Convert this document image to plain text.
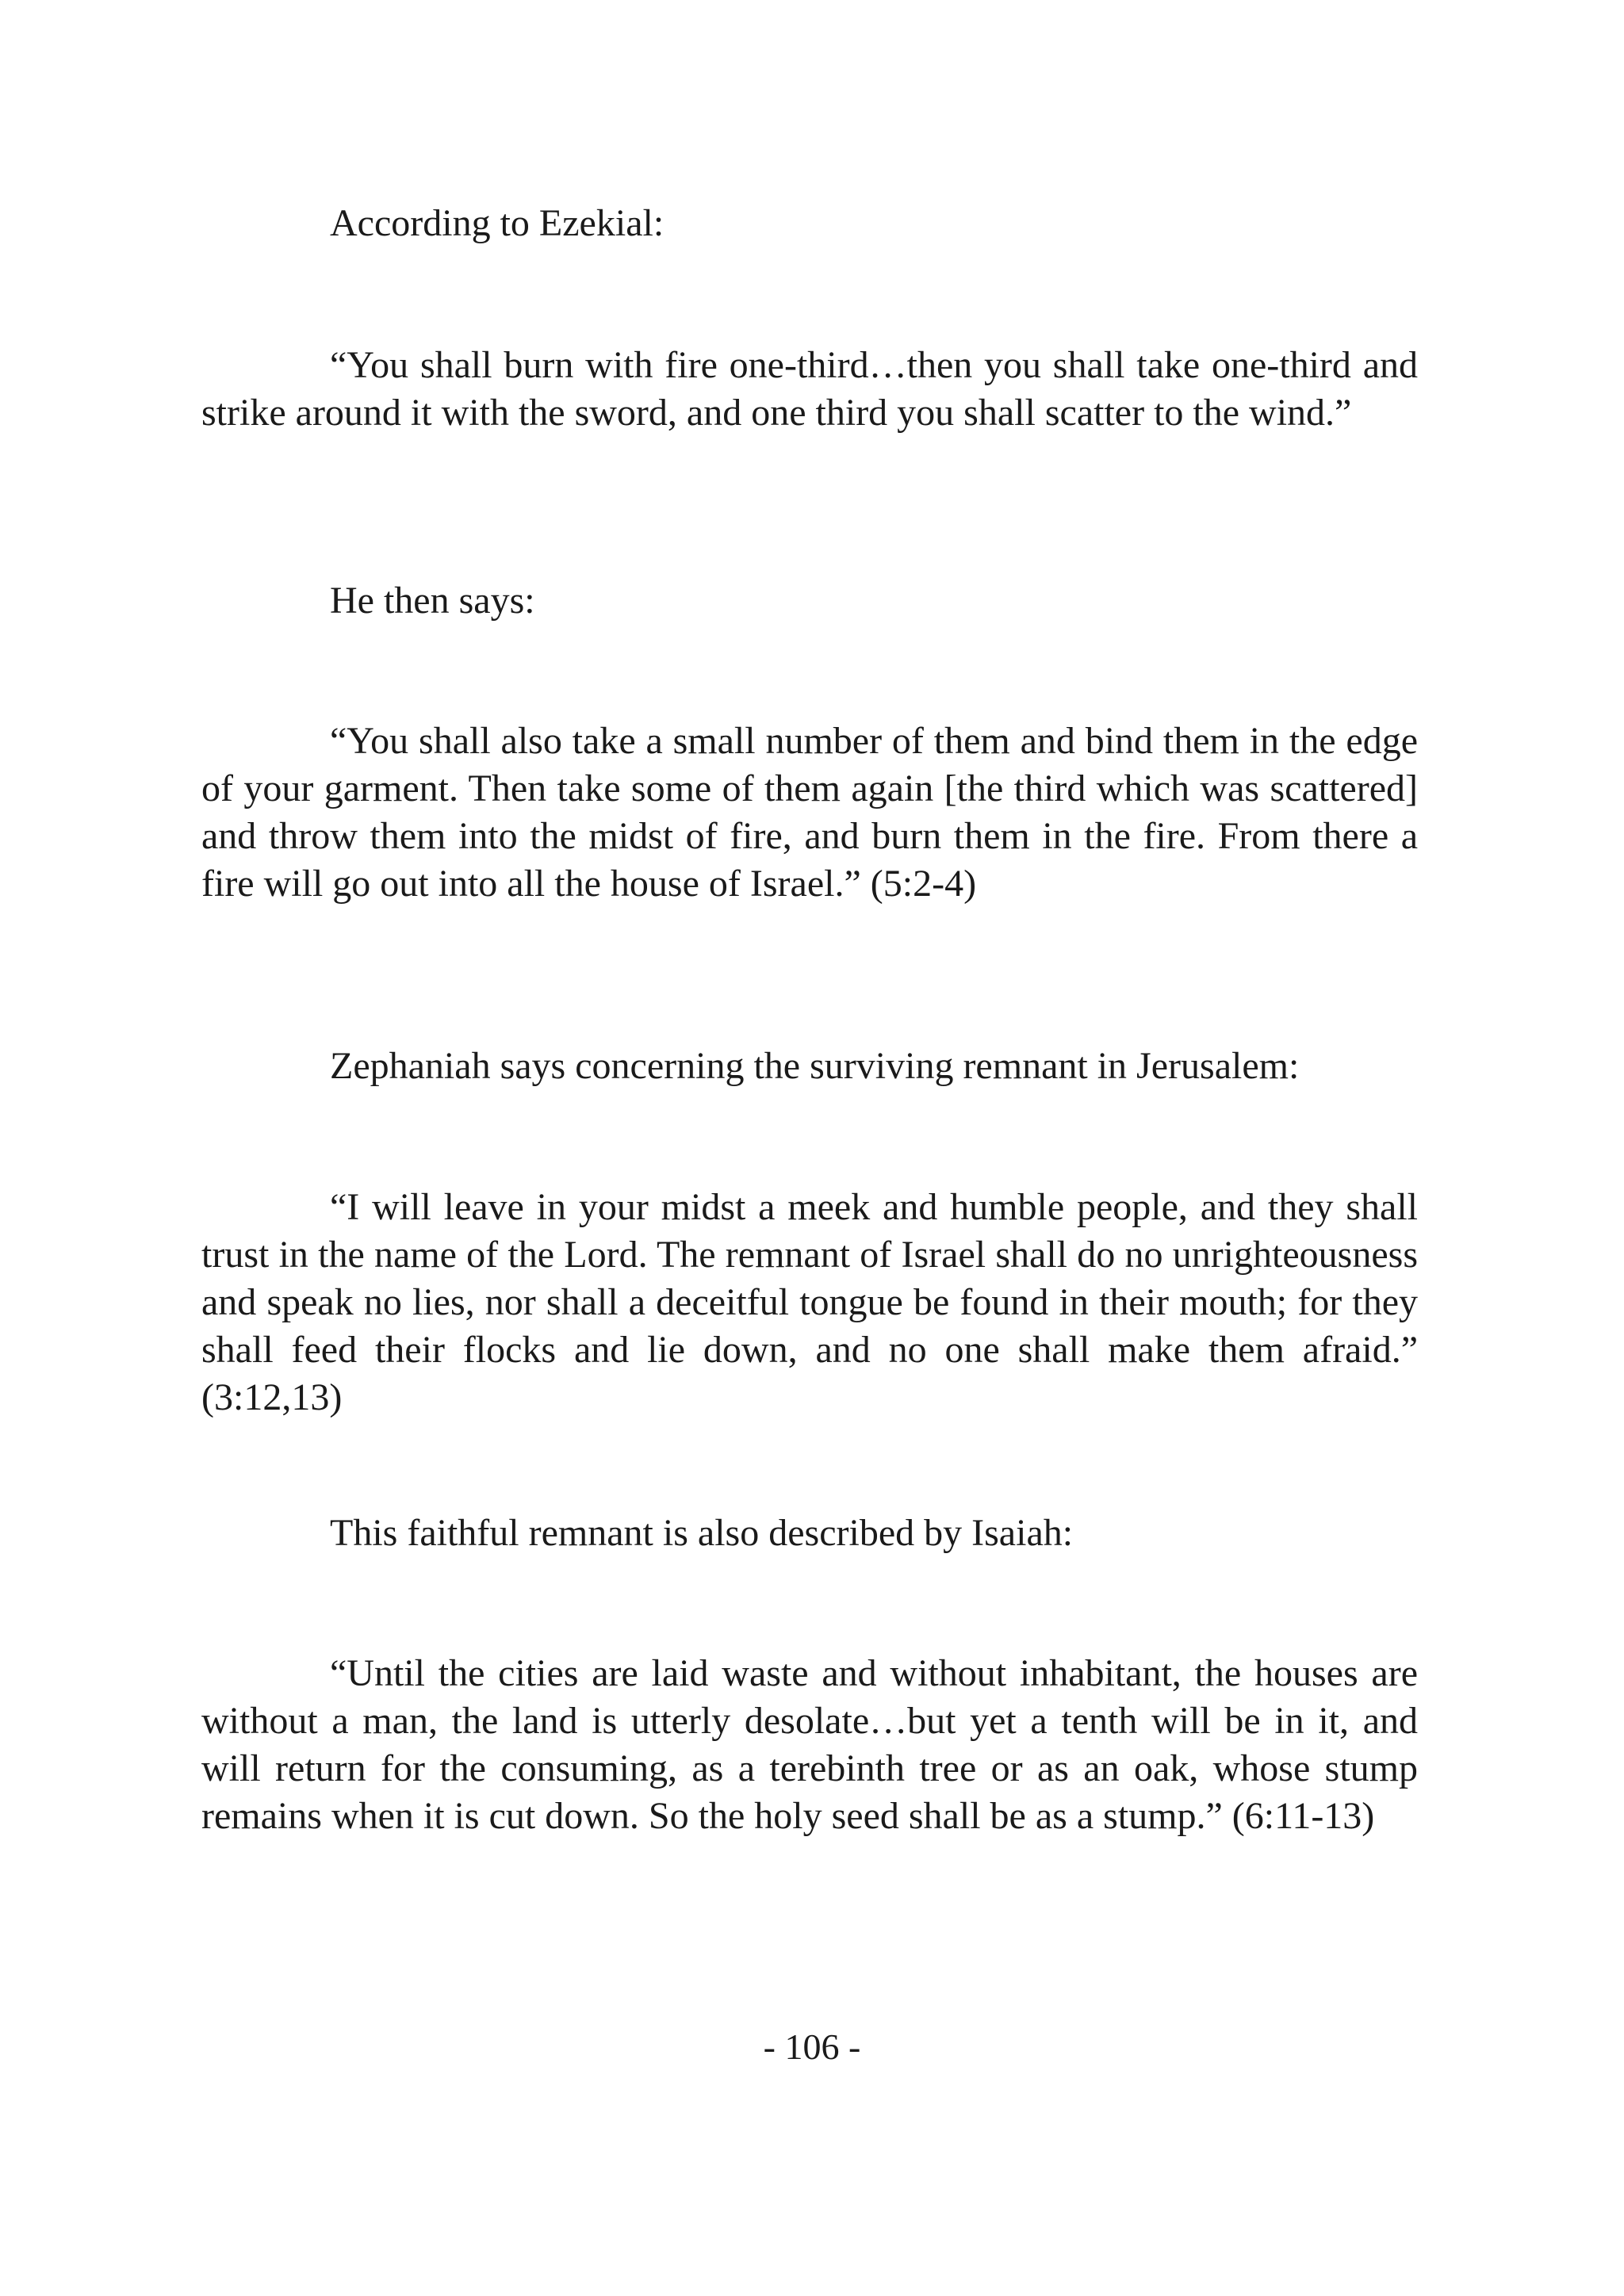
According to Ezekial:

“You shall burn with fire one-third…then you shall take one-third and strike around it with the sword, and one third you shall scatter to the wind.”

He then says:

“You shall also take a small number of them and bind them in the edge of your garment. Then take some of them again [the third which was scattered] and throw them into the midst of fire, and burn them in the fire. From there a fire will go out into all the house of Israel.” (5:2-4)

Zephaniah says concerning the surviving remnant in Jerusalem:

“I will leave in your midst a meek and humble people, and they shall trust in the name of the Lord. The remnant of Israel shall do no unrighteousness and speak no lies, nor shall a deceitful tongue be found in their mouth; for they shall feed their flocks and lie down, and no one shall make them afraid.” (3:12,13)

This faithful remnant is also described by Isaiah:

“Until the cities are laid waste and without inhabitant, the houses are without a man, the land is utterly desolate…but yet a tenth will be in it, and will return for the consuming, as a terebinth tree or as an oak, whose stump remains when it is cut down. So the holy seed shall be as a stump.” (6:11-13)

- 106 -
